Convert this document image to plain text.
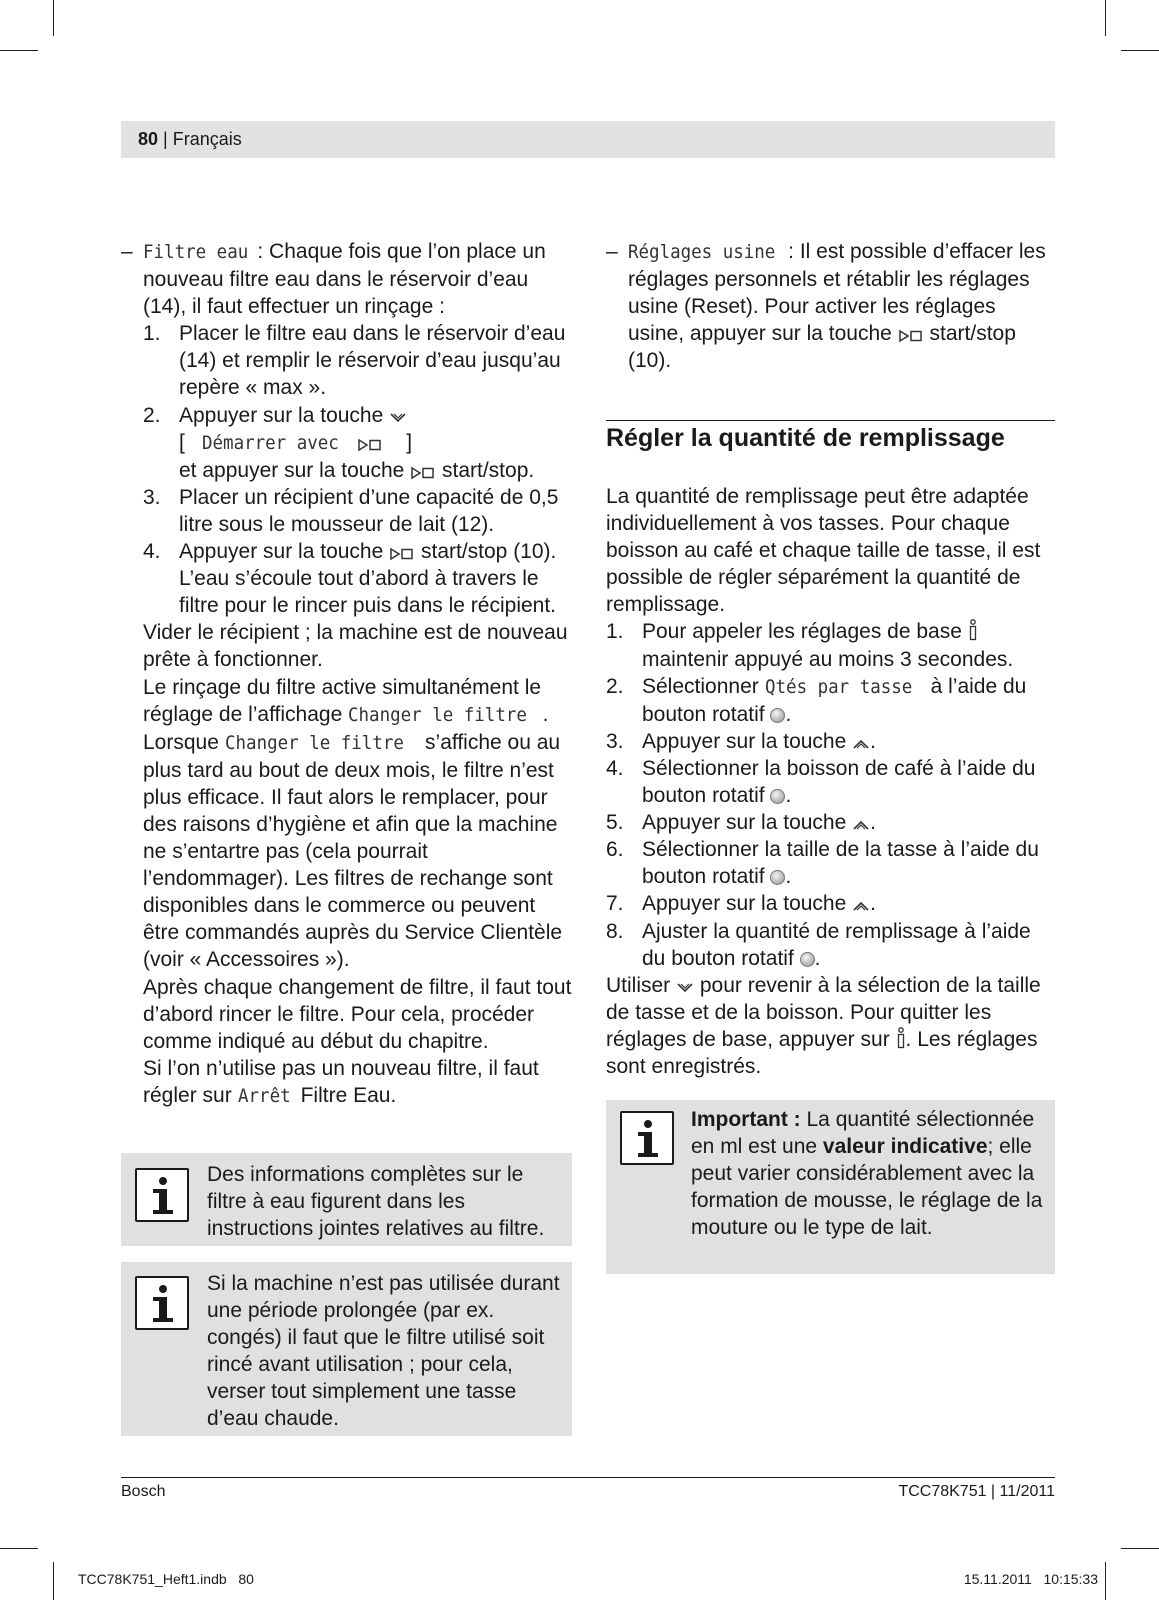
80 | Français

– Filtre eau : Chaque fois que l’on place un nouveau filtre eau dans le réservoir d’eau (14), il faut effectuer un rinçage :

1. Placer le filtre eau dans le réservoir d’eau (14) et remplir le réservoir d’eau jusqu’au repère « max ».

2. Appuyer sur la touche
[ Démarrer avec	]
et appuyer sur la touche start/stop.

3. Placer un récipient d’une capacité de 0,5 litre sous le mousseur de lait (12).

4. Appuyer sur la touche start/stop (10). L’eau s’écoule tout d’abord à travers le filtre pour le rincer puis dans le récipient.

Vider le récipient ; la machine est de nouveau prête à fonctionner.

Le rinçage du filtre active simultanément le réglage de l’affichage Changer le filtre . Lorsque Changer le filtre s’affiche ou au plus tard au bout de deux mois, le filtre n’est plus efficace. Il faut alors le remplacer, pour des raisons d’hygiène et afin que la machine ne s’entartre pas (cela pourrait l’endommager). Les filtres de rechange sont disponibles dans le commerce ou peuvent être commandés auprès du Service Clientèle (voir « Accessoires »).

Après chaque changement de filtre, il faut tout d’abord rincer le filtre. Pour cela, procéder comme indiqué au début du chapitre.

Si l’on n’utilise pas un nouveau filtre, il faut régler sur Arrêt Filtre Eau.

Des informations complètes sur le filtre à eau figurent dans les instructions jointes relatives au filtre.
Si la machine n’est pas utilisée durant une période prolongée (par ex. congés) il faut que le filtre utilisé soit rincé avant utilisation ; pour cela, verser tout simplement une tasse d’eau chaude.

– Réglages usine : Il est possible d’effacer les réglages personnels et rétablir les réglages usine (Reset). Pour activer les réglages usine, appuyer sur la touche start/stop (10).

Régler la quantité de remplissage

La quantité de remplissage peut être adaptée individuellement à vos tasses. Pour chaque boisson au café et chaque taille de tasse, il est possible de régler séparément la quantité de remplissage.

1. Pour appeler les réglages de base
maintenir appuyé au moins 3 secondes.

2. Sélectionner Qtés par tasse à l’aide du bouton rotatif .

3. Appuyer sur la touche .

4. Sélectionner la boisson de café à l’aide du bouton rotatif .

5. Appuyer sur la touche .

6. Sélectionner la taille de la tasse à l’aide du bouton rotatif .

7. Appuyer sur la touche .

8. Ajuster la quantité de remplissage à l’aide du bouton rotatif .

Utiliser pour revenir à la sélection de la taille de tasse et de la boisson. Pour quitter les réglages de base, appuyer sur . Les réglages sont enregistrés.

Important : La quantité sélectionnée en ml est une valeur indicative; elle peut varier considérablement avec la formation de mousse, le réglage de la mouture ou le type de lait.
Bosch	TCC78K751 | 11/2011
TCC78K751_Heft1.indb   80	15.11.2011   10:15:33
